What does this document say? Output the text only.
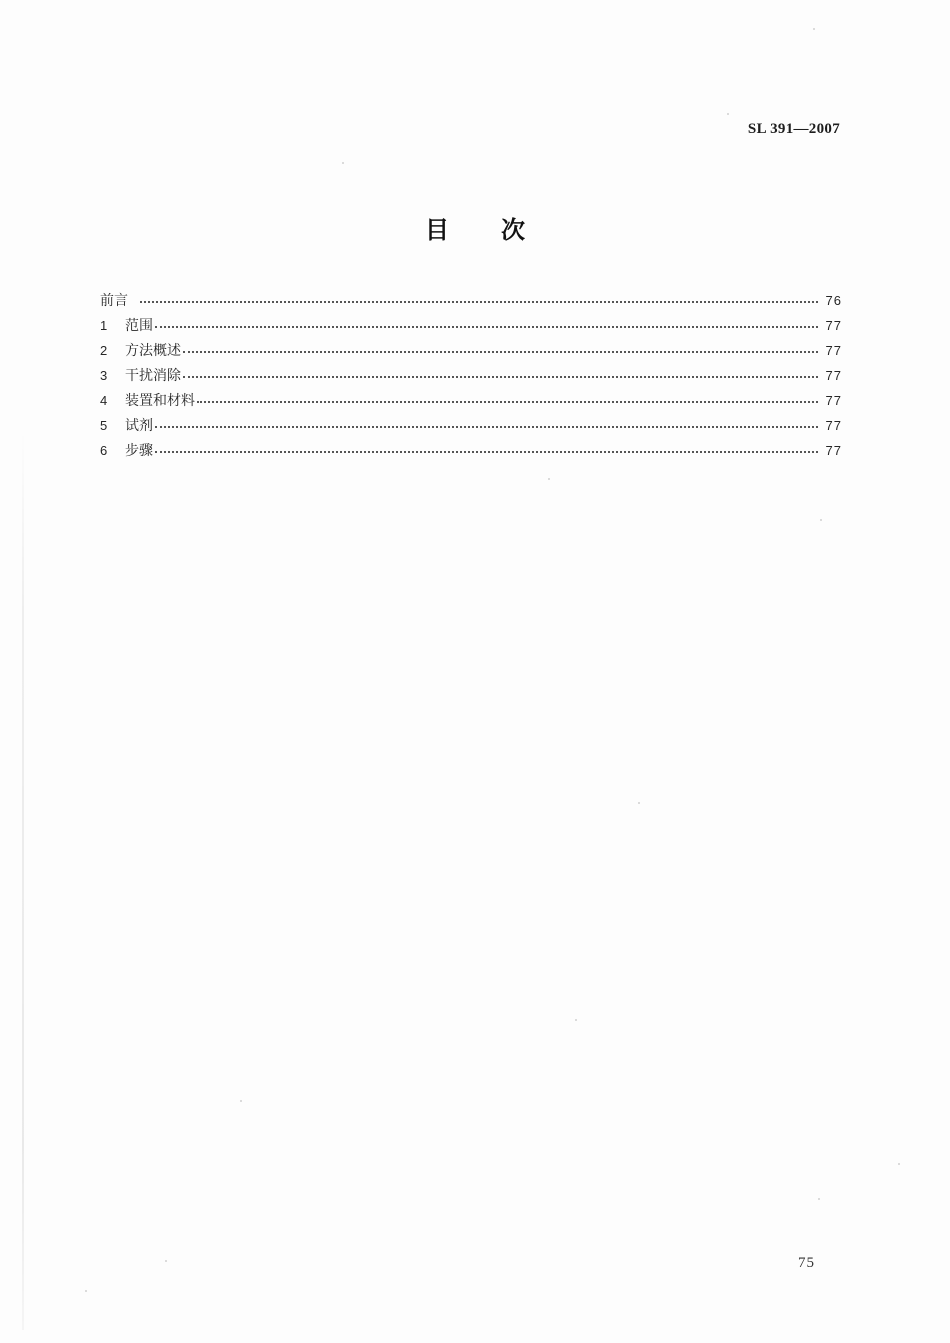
SL 391—2007
目 次
前言	76
1	范围	77
2	方法概述	77
3	干扰消除	77
4	装置和材料	77
5	试剂	77
6	步骤	77
75
